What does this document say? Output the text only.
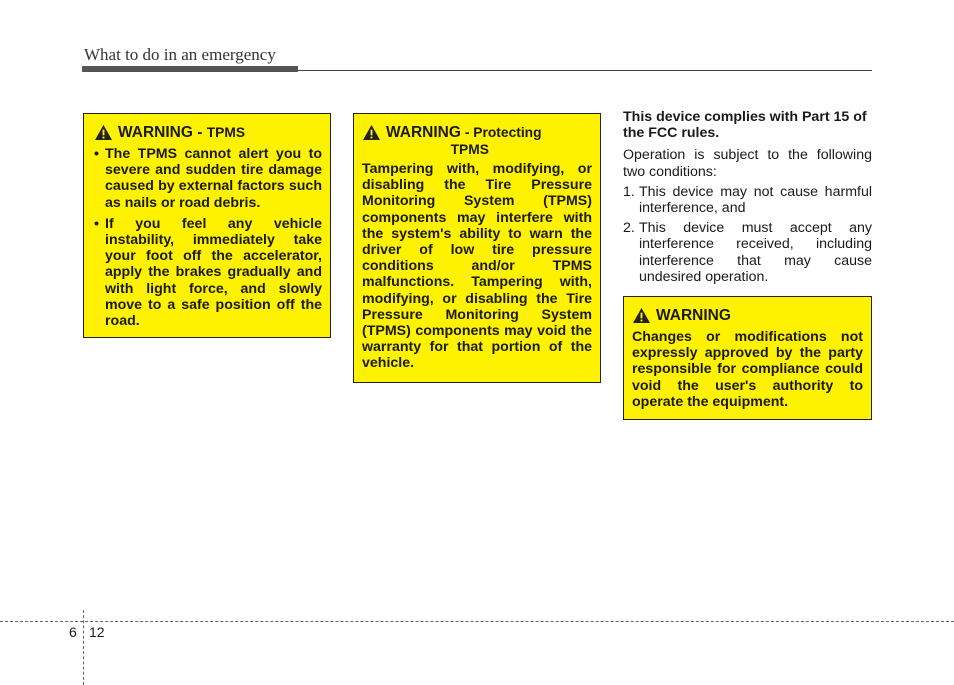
What to do in an emergency
WARNING - TPMS
• The TPMS cannot alert you to severe and sudden tire damage caused by external factors such as nails or road debris.
• If you feel any vehicle instability, immediately take your foot off the accelerator, apply the brakes gradually and with light force, and slowly move to a safe position off the road.
WARNING - Protecting
TPMS

Tampering with, modifying, or disabling the Tire Pressure Monitoring System (TPMS) components may interfere with the system's ability to warn the driver of low tire pressure conditions and/or TPMS malfunctions. Tampering with, modifying, or disabling the Tire Pressure Monitoring System (TPMS) components may void the warranty for that portion of the vehicle.

This device complies with Part 15 of the FCC rules.

Operation is subject to the following two conditions:

1. This device may not cause harmful interference, and
2. This device must accept any interference received, including interference that may cause undesired operation.
WARNING

Changes or modifications not expressly approved by the party responsible for compliance could void the user's authority to operate the equipment.

6 12
